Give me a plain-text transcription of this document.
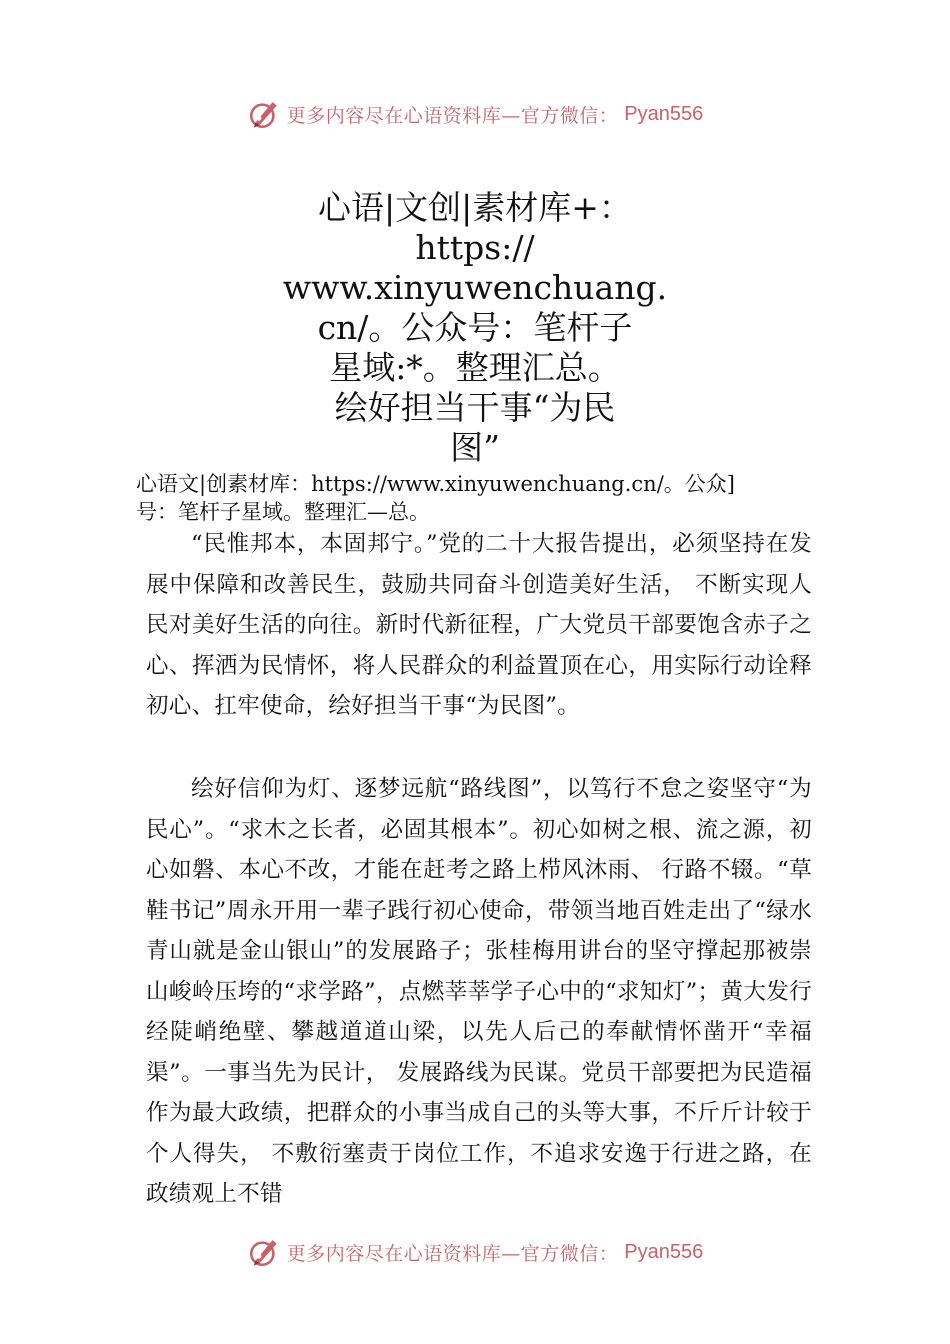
更多内容尽在心语资料库—官方微信： Pyan556
心语|文创|素材库+：
https://
www.xinyuwenchuang.
cn/。公众号：笔杆子
星域:*。整理汇总。
绘好担当干事“为民
图”
心语文|创素材库：https://www.xinyuwenchuang.cn/。公众]
号：笔杆子星域。整理汇—总。

“民惟邦本，本固邦宁。”党的二十大报告提出，必须坚持在发展中保障和改善民生，鼓励共同奋斗创造美好生活， 不断实现人民对美好生活的向往。新时代新征程，广大党员干部要饱含赤子之心、挥洒为民情怀，将人民群众的利益置顶在心，用实际行动诠释初心、扛牢使命，绘好担当干事“为民图”。

绘好信仰为灯、逐梦远航“路线图”，以笃行不怠之姿坚守“为民心”。“求木之长者，必固其根本”。初心如树之根、流之源，初心如磐、本心不改，才能在赶考之路上栉风沐雨、 行路不辍。“草鞋书记”周永开用一辈子践行初心使命，带领当地百姓走出了“绿水青山就是金山银山”的发展路子；张桂梅用讲台的坚守撑起那被崇山峻岭压垮的“求学路”，点燃莘莘学子心中的“求知灯”；黄大发行经陡峭绝壁、攀越道道山梁，以先人后己的奉献情怀凿开“幸福渠”。一事当先为民计， 发展路线为民谋。党员干部要把为民造福作为最大政绩，把群众的小事当成自己的头等大事，不斤斤计较于个人得失， 不敷衍塞责于岗位工作，不追求安逸于行进之路，在政绩观上不错

更多内容尽在心语资料库—官方微信： Pyan556
